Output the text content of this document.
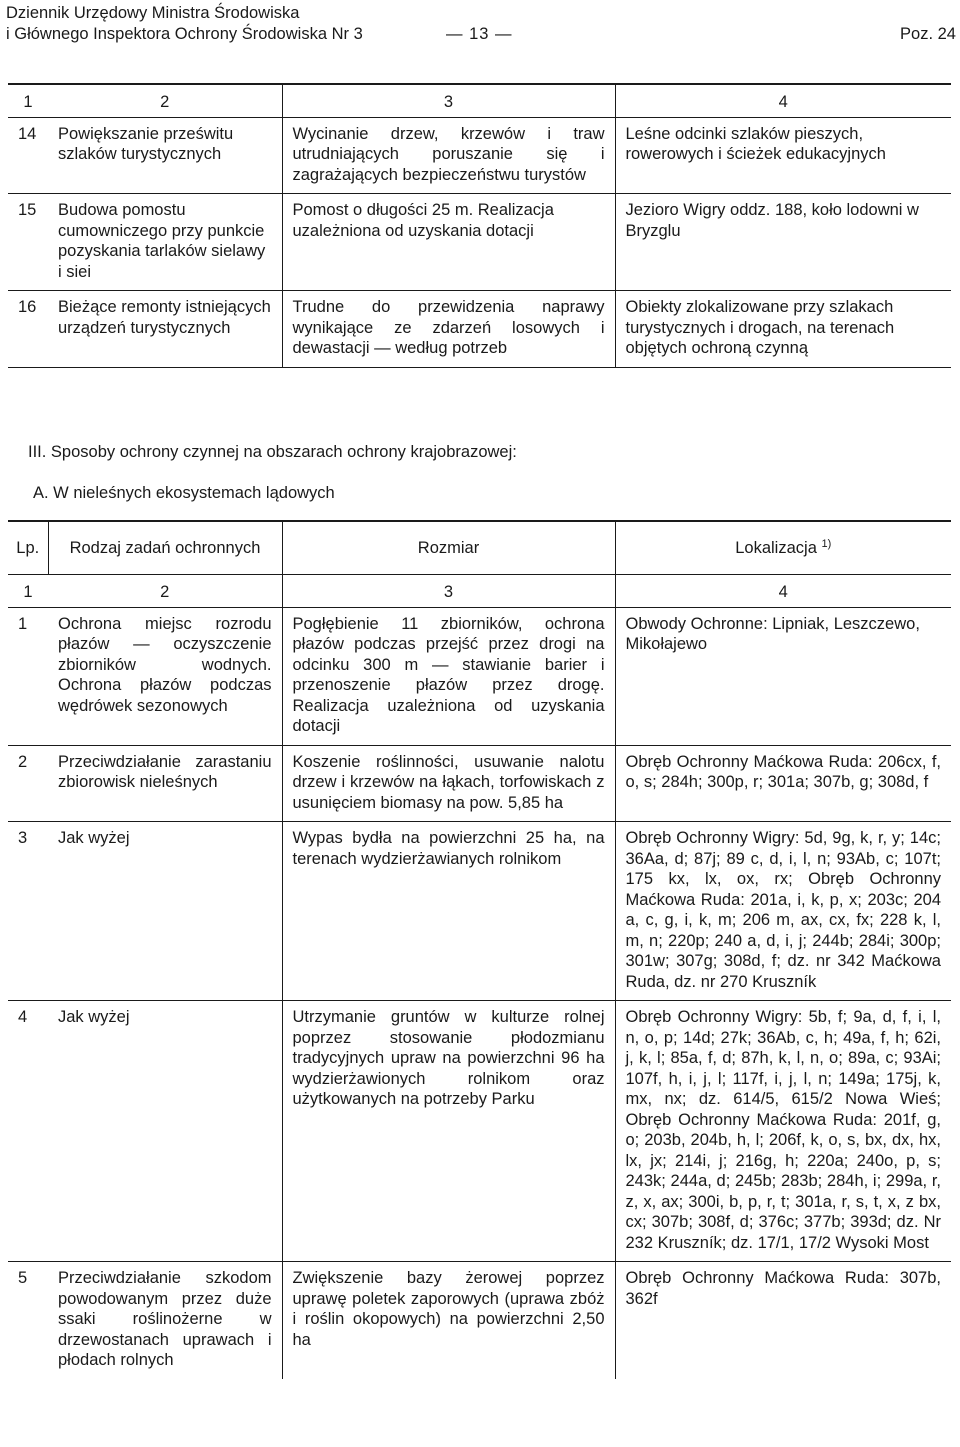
Dziennik Urzędowy Ministra Środowiska
i Głównego Inspektora Ochrony Środowiska Nr 3	— 13 —	Poz. 24
1	2	3	4
14	Powiększanie prześwitu szlaków turystycznych	Wycinanie drzew, krzewów i traw utrudniających poruszanie się i zagrażających bezpieczeństwu turystów	Leśne odcinki szlaków pieszych, rowerowych i ścieżek edukacyjnych
15	Budowa pomostu cumowniczego przy punkcie pozyskania tarlaków sielawy i siei	Pomost o długości 25 m. Realizacja uzależniona od uzyskania dotacji	Jezioro Wigry oddz. 188, koło lodowni w Bryzglu
16	Bieżące remonty istniejących urządzeń turystycznych	Trudne do przewidzenia naprawy wynikające ze zdarzeń losowych i dewastacji — według potrzeb	Obiekty zlokalizowane przy szlakach turystycznych i drogach, na terenach objętych ochroną czynną
III. Sposoby ochrony czynnej na obszarach ochrony krajobrazowej:
A. W nieleśnych ekosystemach lądowych
Lp.	Rodzaj zadań ochronnych	Rozmiar	Lokalizacja $^{1)}$
1	2	3	4
1	Ochrona miejsc rozrodu płazów — oczyszczenie zbiorników wodnych. Ochrona płazów podczas wędrówek sezonowych	Pogłębienie 11 zbiorników, ochrona płazów podczas przejść przez drogi na odcinku 300 m — stawianie barier i przenoszenie płazów przez drogę. Realizacja uzależniona od uzyskania dotacji	Obwody Ochronne: Lipniak, Leszczewo, Mikołajewo
2	Przeciwdziałanie zarastaniu zbiorowisk nieleśnych	Koszenie roślinności, usuwanie nalotu drzew i krzewów na łąkach, torfowiskach z usunięciem biomasy na pow. 5,85 ha	Obręb Ochronny Maćkowa Ruda: 206cx, f, o, s; 284h; 300p, r; 301a; 307b, g; 308d, f
3	Jak wyżej	Wypas bydła na powierzchni 25 ha, na terenach wydzierżawianych rolnikom	Obręb Ochronny Wigry: 5d, 9g, k, r, y; 14c; 36Aa, d; 87j; 89 c, d, i, l, n; 93Ab, c; 107t; 175 kx, lx, ox, rx; Obręb Ochronny Maćkowa Ruda: 201a, i, k, p, x; 203c; 204 a, c, g, i, k, m; 206 m, ax, cx, fx; 228 k, l, m, n; 220p; 240 a, d, i, j; 244b; 284i; 300p; 301w; 307g; 308d, f; dz. nr 342 Maćkowa Ruda, dz. nr 270 Kruszník
4	Jak wyżej	Utrzymanie gruntów w kulturze rolnej poprzez stosowanie płodozmianu tradycyjnych upraw na powierzchni 96 ha wydzierżawionych rolnikom oraz użytkowanych na potrzeby Parku	Obręb Ochronny Wigry: 5b, f; 9a, d, f, i, l, n, o, p; 14d; 27k; 36Ab, c, h; 49a, f, h; 62i, j, k, l; 85a, f, d; 87h, k, l, n, o; 89a, c; 93Ai; 107f, h, i, j, l; 117f, i, j, l, n; 149a; 175j, k, mx, nx; dz. 614/5, 615/2 Nowa Wieś; Obręb Ochronny Maćkowa Ruda: 201f, g, o; 203b, 204b, h, l; 206f, k, o, s, bx, dx, hx, lx, jx; 214i, j; 216g, h; 220a; 240o, p, s; 243k; 244a, d; 245b; 283b; 284h, i; 299a, r, z, x, ax; 300i, b, p, r, t; 301a, r, s, t, x, z bx, cx; 307b; 308f, d; 376c; 377b; 393d; dz. Nr 232 Kruszník; dz. 17/1, 17/2 Wysoki Most
5	Przeciwdziałanie szkodom powodowanym przez duże ssaki roślinożerne w drzewostanach uprawach i płodach rolnych	Zwiększenie bazy żerowej poprzez uprawę poletek zaporowych (uprawa zbóż i roślin okopowych) na powierzchni 2,50 ha	Obręb Ochronny Maćkowa Ruda: 307b, 362f
